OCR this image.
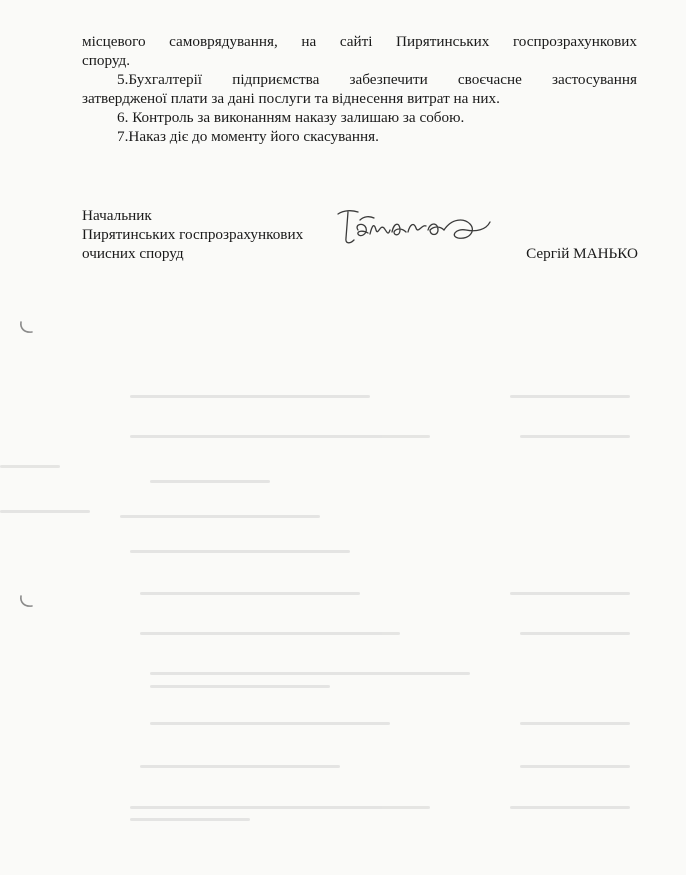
місцевого самоврядування, на сайті Пирятинських госпрозрахункових
споруд.

5.Бухгалтерії підприємства забезпечити своєчасне застосування
затвердженої плати за дані послуги та віднесення витрат на них.

6. Контроль за виконанням наказу залишаю за собою.

7.Наказ діє до моменту його скасування.

Начальник
Пирятинських госпрозрахункових
очисних споруд	Сергій МАНЬКО
